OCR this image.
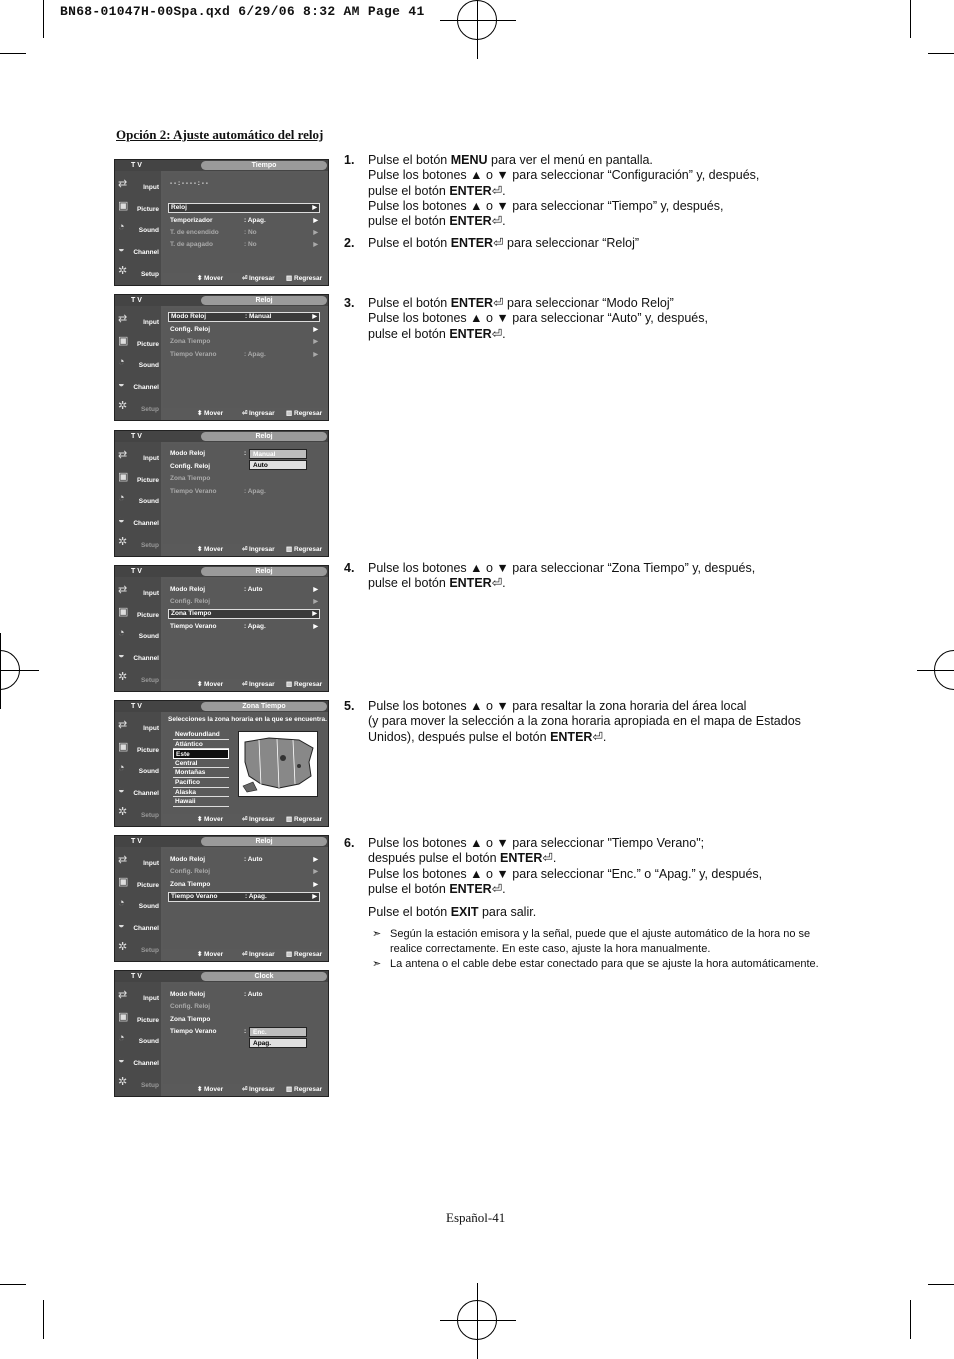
BN68-01047H-00Spa.qxd 6/29/06 8:32 AM Page 41
Opción 2: Ajuste automático del reloj
T V	Tiempo
⇄	Input
▣	Picture
◔	Sound
◒	Channel
✲	Setup
- - : - - - - : - -
Reloj	▶
Temporizador	: Apag.	▶
T. de encendido	: No	▶
T. de apagado	: No	▶
⬍ Mover	⏎ Ingresar ▥ Regresar
T V	Reloj
⇄	Input
▣	Picture
◔	Sound
◒	Channel
✲	Setup
Modo Reloj	: Manual	▶
Config. Reloj	▶
Zona Tiempo	▶
Tiempo Verano	: Apag.	▶
⬍ Mover	⏎ Ingresar ▥ Regresar
T V	Reloj
⇄	Input
▣	Picture
◔	Sound
◒	Channel
✲	Setup
Modo Reloj	:
Config. Reloj
Zona Tiempo
Tiempo Verano	: Apag.
Manual
Auto
⬍ Mover	⏎ Ingresar ▥ Regresar
T V	Reloj
⇄	Input
▣	Picture
◔	Sound
◒	Channel
✲	Setup
Modo Reloj	: Auto	▶
Config. Reloj	▶
Zona Tiempo	▶
Tiempo Verano	: Apag.	▶
⬍ Mover	⏎ Ingresar ▥ Regresar
T V	Zona Tiempo
⇄	Input
▣	Picture
◔	Sound
◒	Channel
✲	Setup
Selecciones la zona horaria en la que se encuentra.
Newfoundland
Atlántico
Este
Central
Montañas
Pacífico
Alaska
Hawaii
⬍ Mover	⏎ Ingresar ▥ Regresar
T V	Reloj
⇄	Input
▣	Picture
◔	Sound
◒	Channel
✲	Setup
Modo Reloj	: Auto	▶
Config. Reloj	▶
Zona Tiempo	▶
Tiempo Verano	: Apag.	▶
⬍ Mover	⏎ Ingresar ▥ Regresar
T V	Clock
⇄	Input
▣	Picture
◔	Sound
◒	Channel
✲	Setup
Modo Reloj	: Auto
Config. Reloj
Zona Tiempo
Tiempo Verano	:	Enc.
Apag.
⏎ Ingresar ▥ Regresar
⬍ Mover
1. Pulse el botón MENU para ver el menú en pantalla.
Pulse los botones ▲ o ▼ para seleccionar “Configuración” y, después,
pulse el botón ENTER⏎.
Pulse los botones ▲ o ▼ para seleccionar “Tiempo” y, después,
pulse el botón ENTER⏎.
2. Pulse el botón ENTER⏎ para seleccionar “Reloj”
3. Pulse el botón ENTER⏎ para seleccionar “Modo Reloj”
Pulse los botones ▲ o ▼ para seleccionar “Auto” y, después,
pulse el botón ENTER⏎.
4. Pulse los botones ▲ o ▼ para seleccionar “Zona Tiempo” y, después,
pulse el botón ENTER⏎.
5. Pulse los botones ▲ o ▼ para resaltar la zona horaria del área local
(y para mover la selección a la zona horaria apropiada en el mapa de Estados
Unidos), después pulse el botón ENTER⏎.
6. Pulse los botones ▲ o ▼ para seleccionar "Tiempo Verano";
después pulse el botón ENTER⏎.
Pulse los botones ▲ o ▼ para seleccionar “Enc.” o “Apag.” y, después,
pulse el botón ENTER⏎.
Pulse el botón EXIT para salir.
➣ Según la estación emisora y la señal, puede que el ajuste automático de la hora no se realice correctamente. En este caso, ajuste la hora manualmente.
➣ La antena o el cable debe estar conectado para que se ajuste la hora automáticamente.
Español-41
